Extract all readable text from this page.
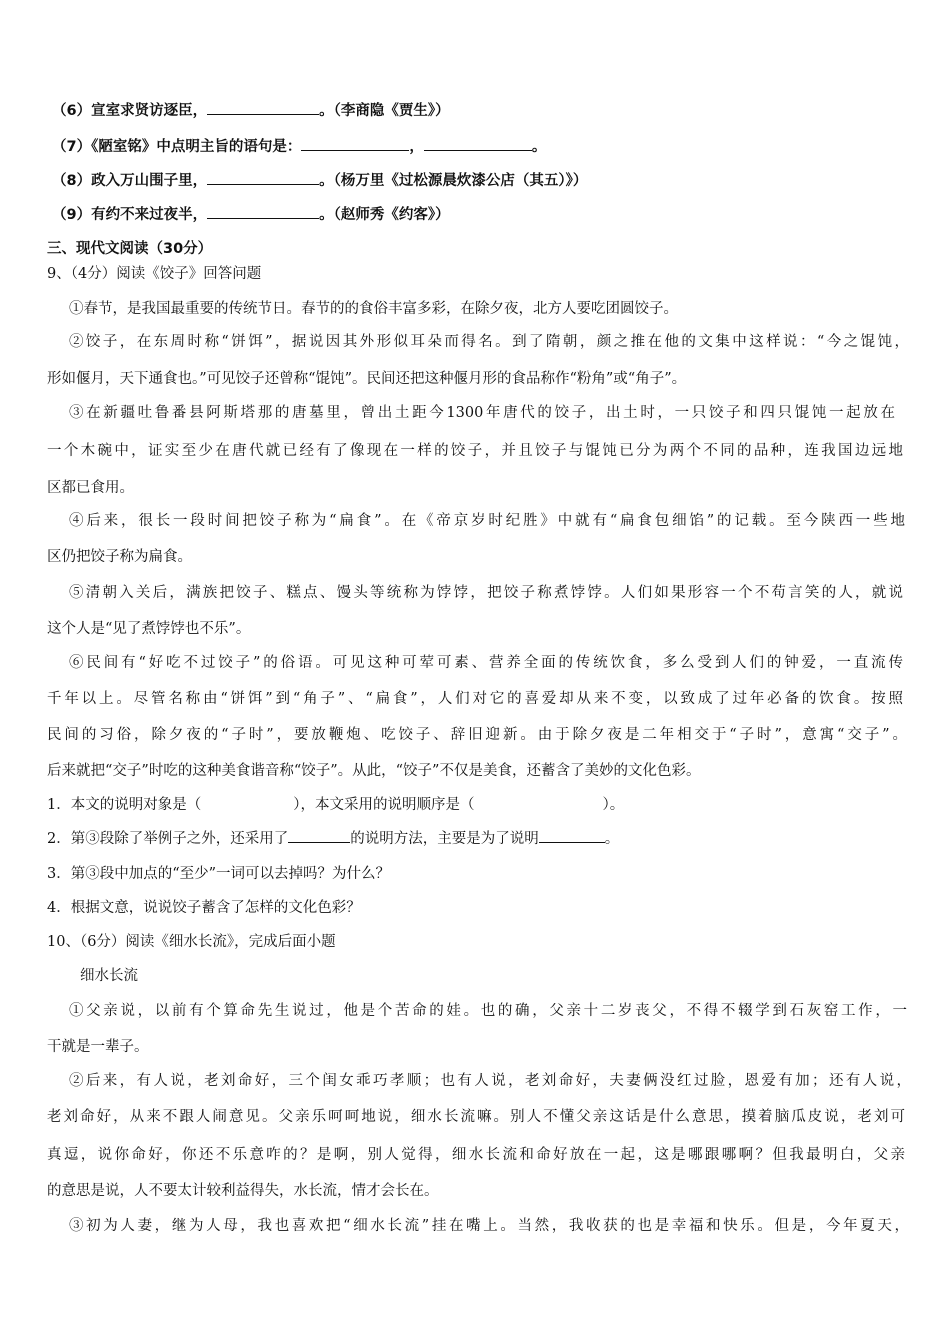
（6）宣室求贤访逐臣，	。（李商隐《贾生》）
（7）《陋室铭》中点明主旨的语句是：	，	。
（8）政入万山围子里，	。（杨万里《过松源晨炊漆公店（其五）》）
（9）有约不来过夜半，	。（赵师秀《约客》）
三、现代文阅读（30分）
9、（4分）阅读《饺子》回答问题
①春节，是我国最重要的传统节日。春节的的食俗丰富多彩，在除夕夜，北方人要吃团圆饺子。
②饺子，在东周时称“饼饵”，据说因其外形似耳朵而得名。到了隋朝，颜之推在他的文集中这样说：“今之馄饨，
形如偃月，天下通食也。”可见饺子还曾称“馄饨”。民间还把这种偃月形的食品称作“粉角”或“角子”。
③在新疆吐鲁番县阿斯塔那的唐墓里，曾出土距今1300年唐代的饺子，出土时，一只饺子和四只馄饨一起放在
一个木碗中，证实至少在唐代就已经有了像现在一样的饺子，并且饺子与馄饨已分为两个不同的品种，连我国边远地
区都已食用。
④后来，很长一段时间把饺子称为“扁食”。在《帝京岁时纪胜》中就有“扁食包细馅”的记载。至今陕西一些地
区仍把饺子称为扁食。
⑤清朝入关后，满族把饺子、糕点、馒头等统称为饽饽，把饺子称煮饽饽。人们如果形容一个不苟言笑的人，就说
这个人是“见了煮饽饽也不乐”。
⑥民间有“好吃不过饺子”的俗语。可见这种可荤可素、营养全面的传统饮食，多么受到人们的钟爱，一直流传
千年以上。尽管名称由“饼饵”到“角子”、“扁食”，人们对它的喜爱却从来不变，以致成了过年必备的饮食。按照
民间的习俗，除夕夜的“子时”，要放鞭炮、吃饺子、辞旧迎新。由于除夕夜是二年相交于“子时”，意寓“交子”。
后来就把“交子”时吃的这种美食谐音称“饺子”。从此，“饺子”不仅是美食，还蓄含了美妙的文化色彩。
1．本文的说明对象是（	），本文采用的说明顺序是（	）。
2．第③段除了举例子之外，还采用了	的说明方法，主要是为了说明	。
3．第③段中加点的“至少”一词可以去掉吗？为什么？
4．根据文意，说说饺子蓄含了怎样的文化色彩？
10、（6分）阅读《细水长流》，完成后面小题
细水长流
①父亲说，以前有个算命先生说过，他是个苦命的娃。也的确，父亲十二岁丧父，不得不辍学到石灰窑工作，一
干就是一辈子。
②后来，有人说，老刘命好，三个闺女乖巧孝顺；也有人说，老刘命好，夫妻俩没红过脸，恩爱有加；还有人说，
老刘命好，从来不跟人闹意见。父亲乐呵呵地说，细水长流嘛。别人不懂父亲这话是什么意思，摸着脑瓜皮说，老刘可
真逗，说你命好，你还不乐意咋的？是啊，别人觉得，细水长流和命好放在一起，这是哪跟哪啊？但我最明白，父亲
的意思是说，人不要太计较利益得失，水长流，情才会长在。
③初为人妻，继为人母，我也喜欢把“细水长流”挂在嘴上。当然，我收获的也是幸福和快乐。但是，今年夏天，
